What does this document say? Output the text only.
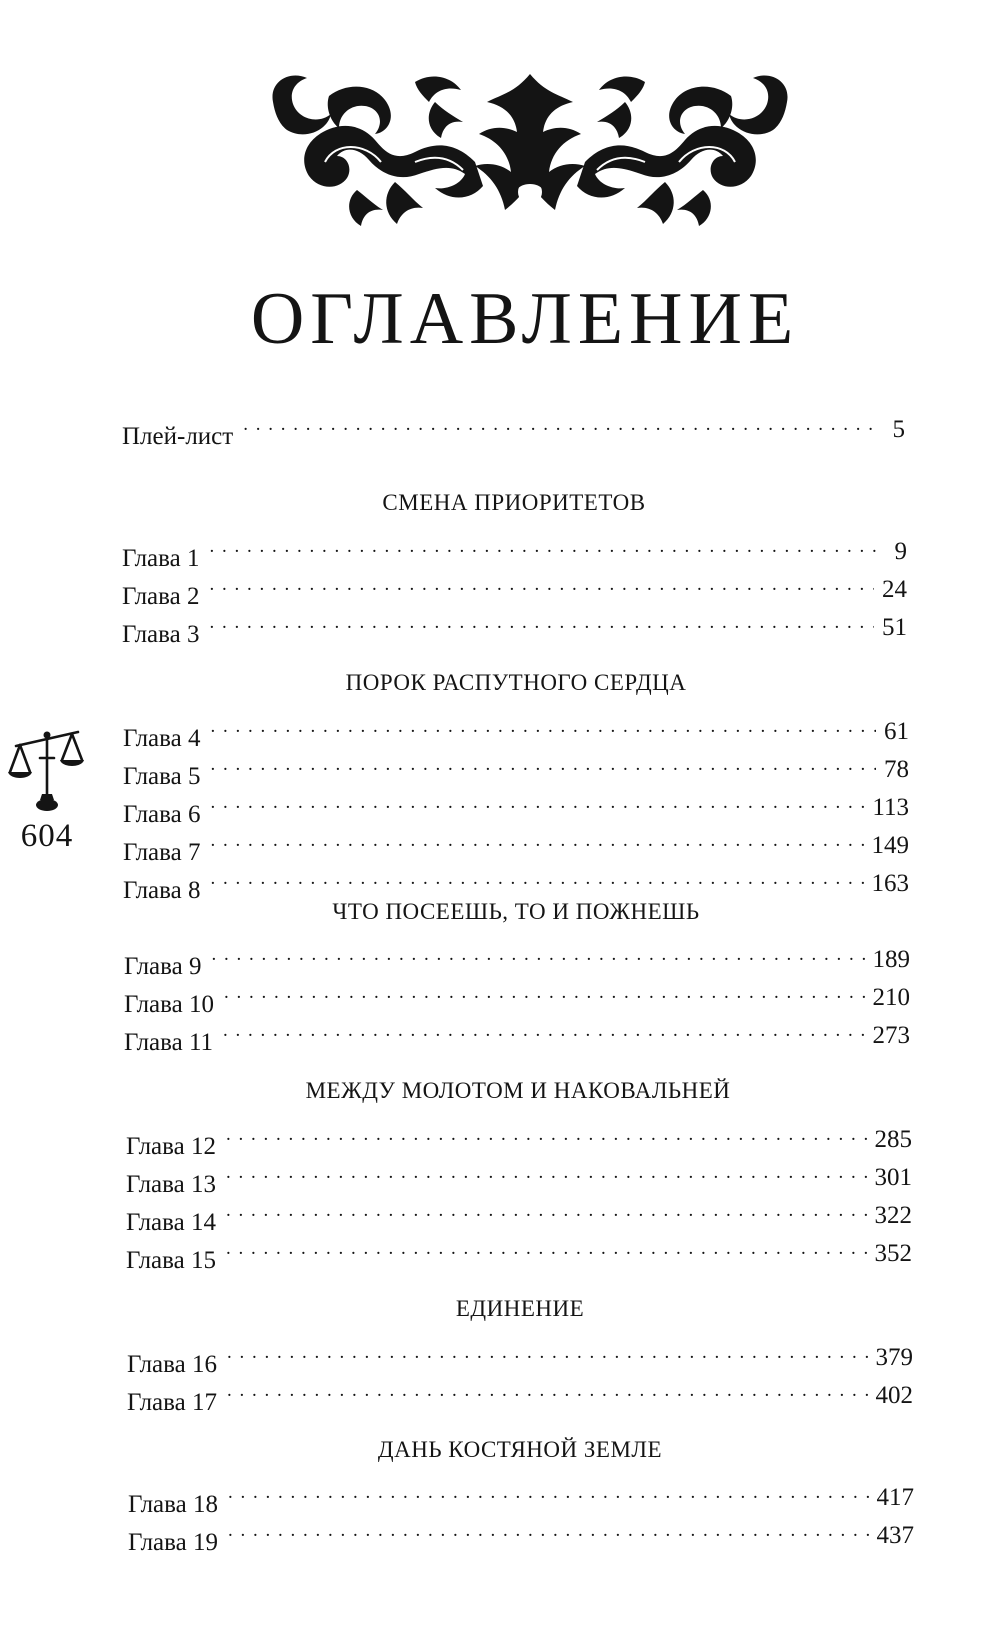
ОГЛАВЛЕНИЕ
604
Плей-лист . . .	5
СМЕНА ПРИОРИТЕТОВ
Глава 1 . . .	9
Глава 2 . . .	24
Глава 3 . . .	51
ПОРОК РАСПУТНОГО СЕРДЦА
Глава 4 . . .	61
Глава 5 . . .	78
Глава 6 . . .	113
Глава 7 . . .	149
Глава 8 . . .	163
ЧТО ПОСЕЕШЬ, ТО И ПОЖНЕШЬ
Глава 9 . . .	189
Глава 10 . . .	210
Глава 11 . . .	273
МЕЖДУ МОЛОТОМ И НАКОВАЛЬНЕЙ
Глава 12 . . .	285
Глава 13 . . .	301
Глава 14 . . .	322
Глава 15 . . .	352
ЕДИНЕНИЕ
Глава 16 . . .	379
Глава 17 . . .	402
ДАНЬ КОСТЯНОЙ ЗЕМЛЕ
Глава 18 . . .	417
Глава 19 . . .	437
